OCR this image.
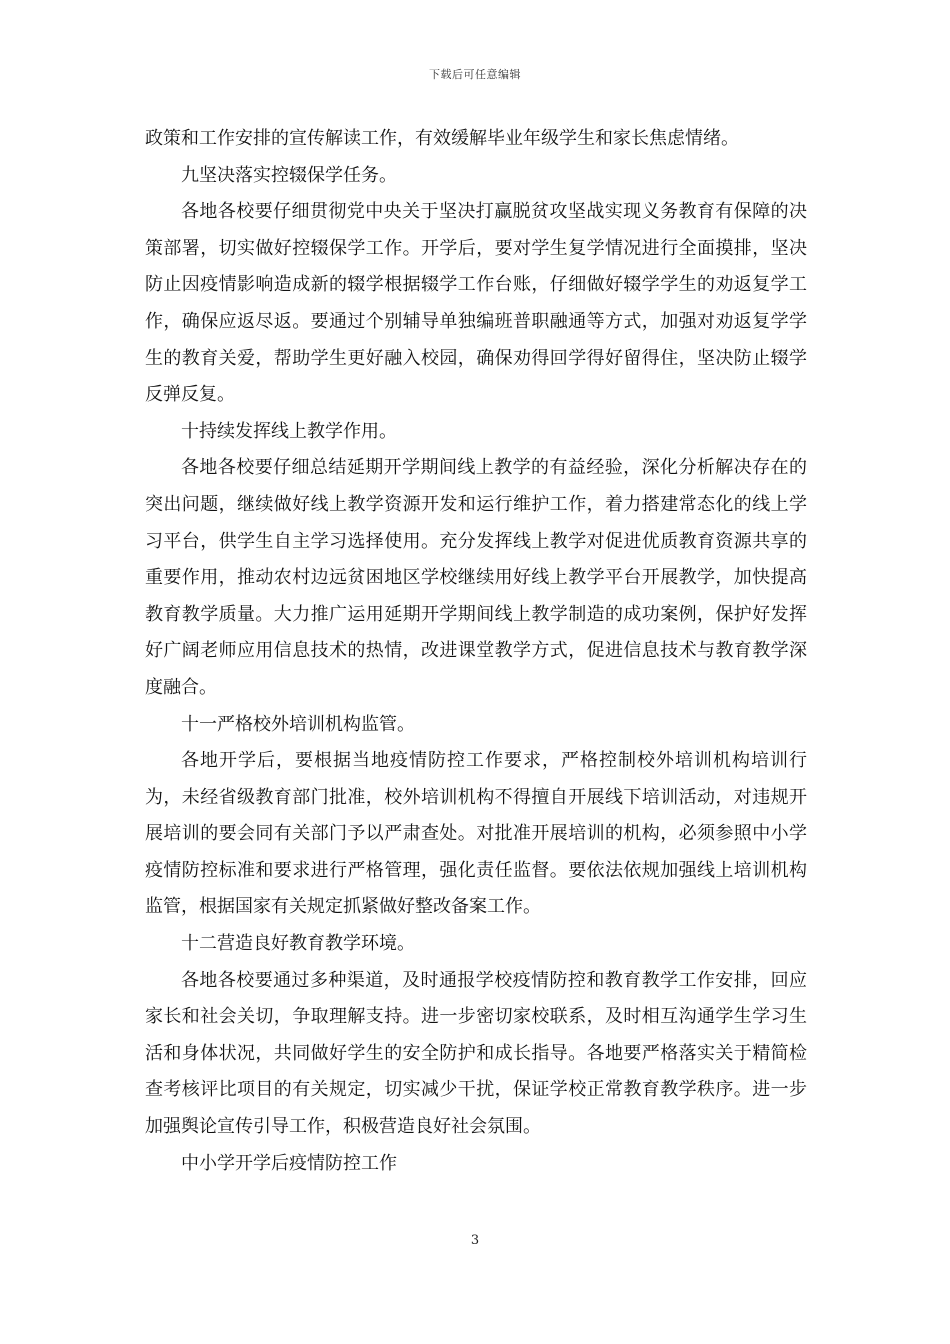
下载后可任意编辑

政策和工作安排的宣传解读工作，有效缓解毕业年级学生和家长焦虑情绪。

九坚决落实控辍保学任务。

各地各校要仔细贯彻党中央关于坚决打赢脱贫攻坚战实现义务教育有保障的决策部署，切实做好控辍保学工作。开学后，要对学生复学情况进行全面摸排，坚决防止因疫情影响造成新的辍学根据辍学工作台账，仔细做好辍学学生的劝返复学工作，确保应返尽返。要通过个别辅导单独编班普职融通等方式，加强对劝返复学学生的教育关爱，帮助学生更好融入校园，确保劝得回学得好留得住，坚决防止辍学反弹反复。

十持续发挥线上教学作用。

各地各校要仔细总结延期开学期间线上教学的有益经验，深化分析解决存在的突出问题，继续做好线上教学资源开发和运行维护工作，着力搭建常态化的线上学习平台，供学生自主学习选择使用。充分发挥线上教学对促进优质教育资源共享的重要作用，推动农村边远贫困地区学校继续用好线上教学平台开展教学，加快提高教育教学质量。大力推广运用延期开学期间线上教学制造的成功案例，保护好发挥好广阔老师应用信息技术的热情，改进课堂教学方式，促进信息技术与教育教学深度融合。

十一严格校外培训机构监管。

各地开学后，要根据当地疫情防控工作要求，严格控制校外培训机构培训行为，未经省级教育部门批准，校外培训机构不得擅自开展线下培训活动，对违规开展培训的要会同有关部门予以严肃查处。对批准开展培训的机构，必须参照中小学疫情防控标准和要求进行严格管理，强化责任监督。要依法依规加强线上培训机构监管，根据国家有关规定抓紧做好整改备案工作。

十二营造良好教育教学环境。

各地各校要通过多种渠道，及时通报学校疫情防控和教育教学工作安排，回应家长和社会关切，争取理解支持。进一步密切家校联系，及时相互沟通学生学习生活和身体状况，共同做好学生的安全防护和成长指导。各地要严格落实关于精简检查考核评比项目的有关规定，切实减少干扰，保证学校正常教育教学秩序。进一步加强舆论宣传引导工作，积极营造良好社会氛围。

中小学开学后疫情防控工作

3
